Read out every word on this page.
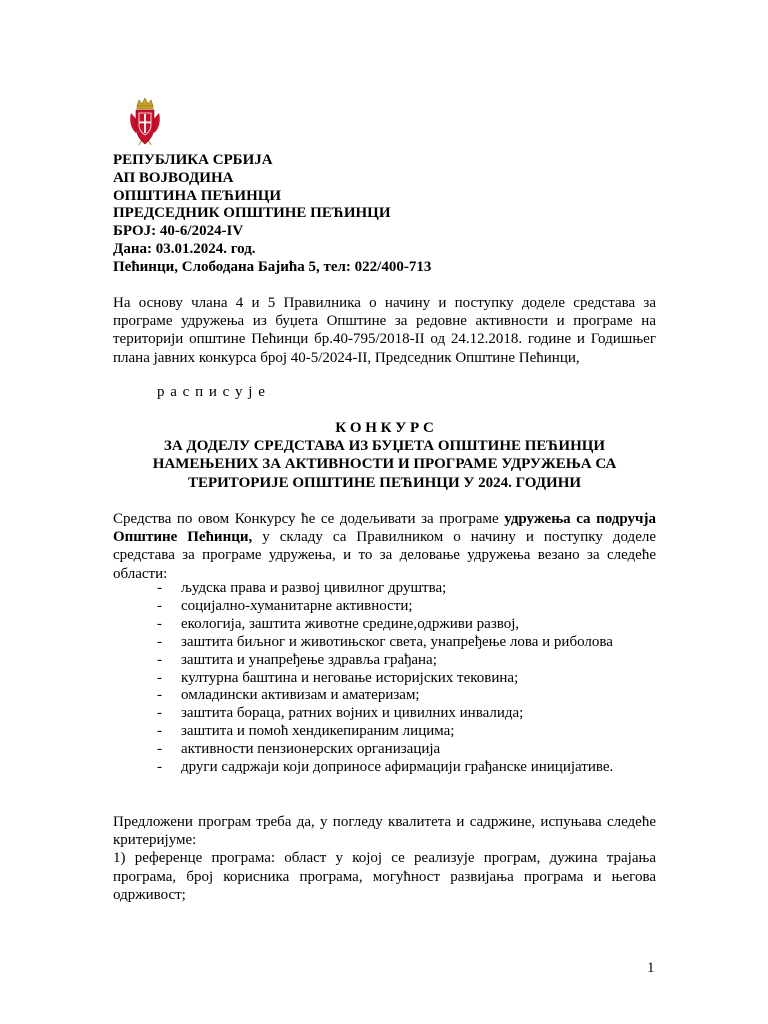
РЕПУБЛИКА СРБИЈА
АП ВОЈВОДИНА
ОПШТИНА ПЕЋИНЦИ
ПРЕДСЕДНИК ОПШТИНЕ ПЕЋИНЦИ
БРОЈ: 40-6/2024-IV
Дана: 03.01.2024. год.
Пећинци, Слободана Бајића 5, тел: 022/400-713
На основу члана 4 и 5 Правилника о начину и поступку доделе средстава за програме удружења из буџета Општине за редовне активности и програме на територији општине Пећинци бр.40-795/2018-II од 24.12.2018. године и Годишњег плана јавних конкурса број 40-5/2024-II, Председник Општине Пећинци,
р а с п и с у ј е
К О Н К У Р С
ЗА ДОДЕЛУ СРЕДСТАВА ИЗ БУЏЕТА ОПШТИНЕ ПЕЋИНЦИ
НАМЕЊЕНИХ ЗА АКТИВНОСТИ И ПРОГРАМЕ УДРУЖЕЊА СА
ТЕРИТОРИЈЕ ОПШТИНЕ ПЕЋИНЦИ У 2024. ГОДИНИ
Средства по овом Конкурсу ће се додељивати за програме удружења са подручја Општине Пећинци, у складу са Правилником о начину и поступку доделе средстава за програме удружења, и то за деловање удружења везано за следеће области:
- људска права и развој цивилног друштва;
- социјално-хуманитарне активности;
- екологија, заштита животне средине,одрживи развој,
- заштита биљног и животињског света, унапређење лова и риболова
- заштита и унапређење здравља грађана;
- културна баштина и неговање историјских тековина;
- омладински активизам и аматеризам;
- заштита бораца, ратних војних и цивилних инвалида;
- заштита и помоћ хендикепираним лицима;
- активности пензионерских организација
- други садржаји који доприносе афирмацији грађанске иницијативе.

Предложени програм треба да, у погледу квалитета и садржине, испуњава следеће критеријуме:

1) референце програма: област у којој се реализује програм, дужина трајања програма, број корисника програма, могућност развијања програма и његова одрживост;

1
